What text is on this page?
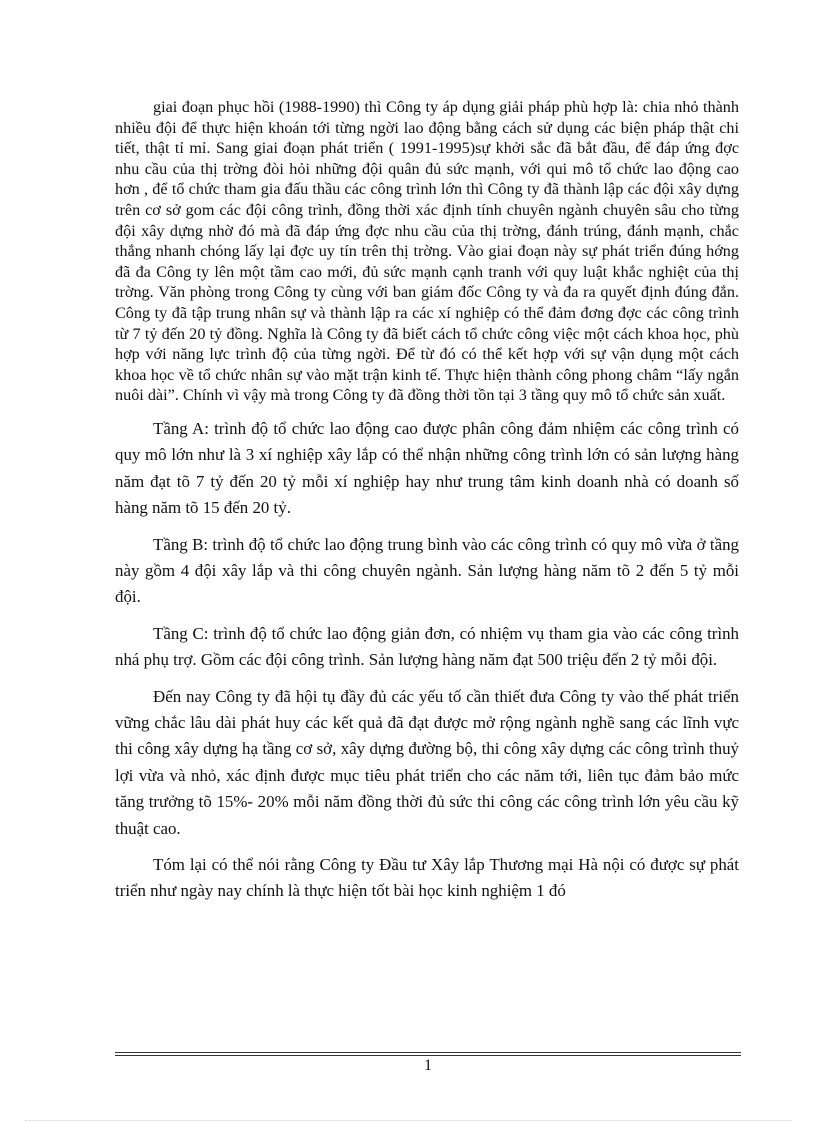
giai đoạn phục hồi (1988-1990) thì Công ty áp dụng giải pháp phù hợp là: chia nhỏ thành nhiều đội để thực hiện khoán tới từng ngời lao động bằng cách sử dụng các biện pháp thật chi tiết, thật tỉ mỉ. Sang giai đoạn phát triển ( 1991-1995)sự khởi sắc đã bắt đầu, để đáp ứng đợc nhu cầu của thị trờng đòi hỏi những đội quân đủ sức mạnh, với qui mô tổ chức lao động cao hơn , để tổ chức tham gia đấu thầu các công trình lớn thì Công ty đã thành lập các đội xây dựng trên cơ sở gom các đội công trình, đồng thời xác định tính chuyên ngành chuyên sâu cho từng đội xây dựng nhờ đó mà đã đáp ứng đợc nhu cầu của thị trờng, đánh trúng, đánh mạnh, chắc thắng nhanh chóng lấy lại đợc uy tín trên thị trờng. Vào giai đoạn này sự phát triển đúng hớng đã đa Công ty lên một tầm cao mới, đủ sức mạnh cạnh tranh với quy luật khắc nghiệt của thị trờng. Văn phòng trong Công ty cùng với ban giám đốc Công ty và đa ra quyết định đúng đắn. Công ty đã tập trung nhân sự và thành lập ra các xí nghiệp có thể đảm đơng đợc các công trình từ 7 tỷ đến 20 tỷ đồng. Nghĩa là Công ty đã biết cách tổ chức công việc một cách khoa học, phù hợp với năng lực trình độ của từng ngời. Để từ đó có thể kết hợp với sự vận dụng một cách khoa học về tổ chức nhân sự vào mặt trận kinh tế. Thực hiện thành công phong châm “lấy ngắn nuôi dài”. Chính vì vậy mà trong Công ty đã đồng thời tồn tại 3 tầng quy mô tổ chức sản xuất.

Tầng A: trình độ tổ chức lao động cao được phân công đảm nhiệm các công trình có quy mô lớn như là 3 xí nghiệp xây lắp có thể nhận những công trình lớn có sản lượng hàng năm đạt tõ 7 tỷ đến 20 tỷ mỗi xí nghiệp hay như trung tâm kinh doanh nhà có doanh số hàng năm tõ 15 đến 20 tỷ.

Tầng B: trình độ tổ chức lao động trung bình vào các công trình có quy mô vừa ở tầng này gồm 4 đội xây lắp và thi công chuyên ngành. Sản lượng hàng năm tõ 2 đến 5 tỷ mỗi đội.

Tầng C: trình độ tổ chức lao động giản đơn, có nhiệm vụ tham gia vào các công trình nhá phụ trợ. Gồm các đội công trình. Sản lượng hàng năm đạt 500 triệu đến 2 tỷ mỗi đội.

Đến nay Công ty đã hội tụ đầy đủ các yếu tố cần thiết đưa Công ty vào thế phát triển vững chắc lâu dài phát huy các kết quả đã đạt được mở rộng ngành nghề sang các lĩnh vực thi công xây dựng hạ tầng cơ sở, xây dựng đường bộ, thi công xây dựng các công trình thuỷ lợi vừa và nhỏ, xác định được mục tiêu phát triển cho các năm tới, liên tục đảm bảo mức tăng trưởng tõ 15%- 20% mỗi năm đồng thời đủ sức thi công các công trình lớn yêu cầu kỹ thuật cao.

Tóm lại có thể nói rằng Công ty Đầu tư Xây lắp Thương mại Hà nội có được sự phát triển như ngày nay chính là thực hiện tốt bài học kinh nghiệm 1 đó

1
